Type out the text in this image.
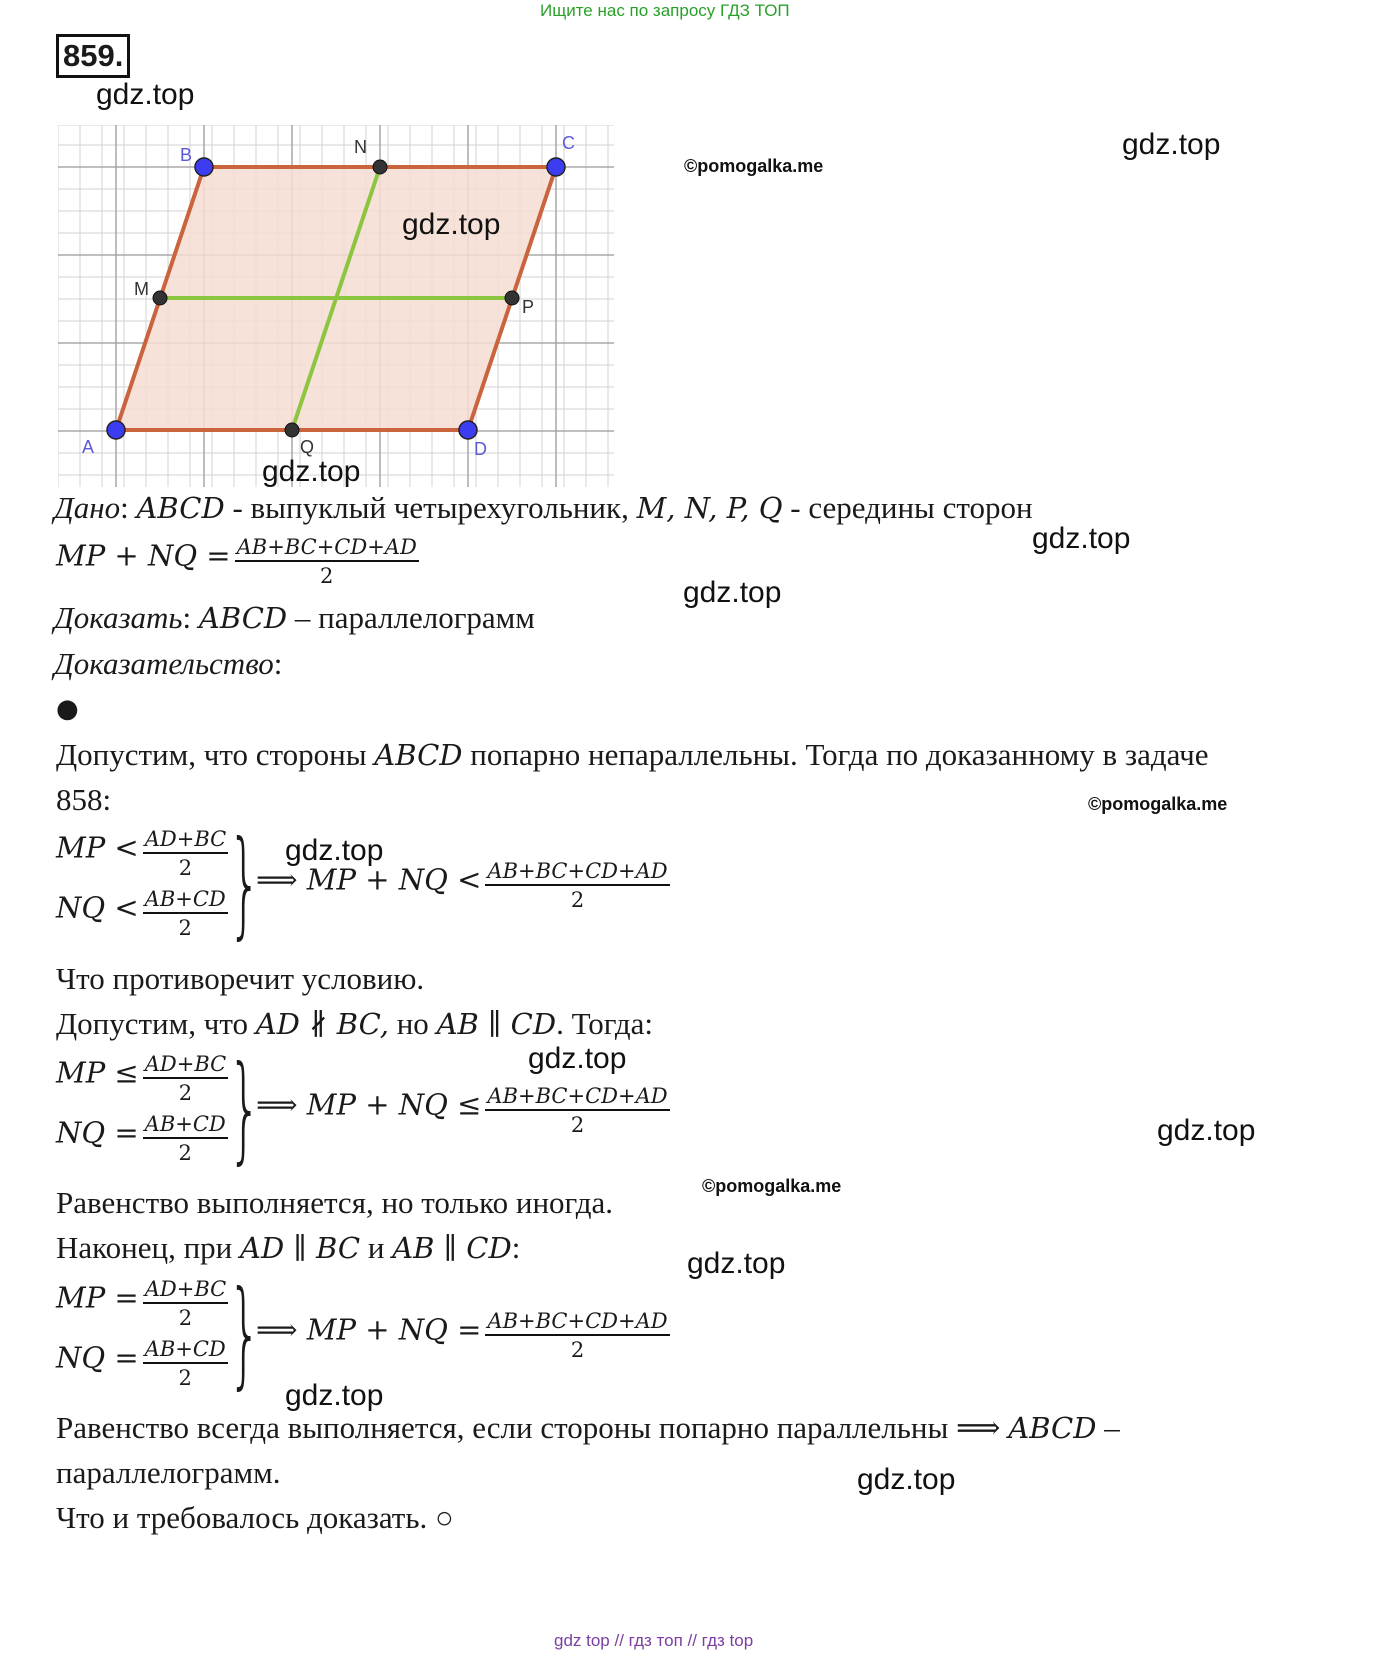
Ищите нас по запросу ГДЗ ТОП
859.
gdz.top
gdz.top
©pomogalka.me
A
B
C
D
M
N
P
Q
gdz.top
gdz.top
Дано: ABCD - выпуклый четырехугольник, M, N, P, Q - середины сторон
MP + NQ = $\frac{AB+BC+CD+AD}{2}$	gdz.top
gdz.top
Доказать: ABCD – параллелограмм
Доказательство:
●
Допустим, что стороны ABCD попарно непараллельны. Тогда по доказанному в задаче
858:	©pomogalka.me
MP < $\frac{AD+BC}{2}$
NQ < $\frac{AB+CD}{2}$ }
⟹ MP + NQ < $\frac{AB+BC+CD+AD}{2}$
gdz.top
Что противоречит условию.
Допустим, что AD ∦ BC, но AB ∥ CD. Тогда:
gdz.top
MP ≤ $\frac{AD+BC}{2}$
NQ = $\frac{AB+CD}{2}$ }
⟹ MP + NQ ≤ $\frac{AB+BC+CD+AD}{2}$	gdz.top
Равенство выполняется, но только иногда.	©pomogalka.me
Наконец, при AD ∥ BC и AB ∥ CD:	gdz.top
MP = $\frac{AD+BC}{2}$
NQ = $\frac{AB+CD}{2}$ }
⟹ MP + NQ = $\frac{AB+BC+CD+AD}{2}$
gdz.top
Равенство всегда выполняется, если стороны попарно параллельны ⟹ ABCD –
параллелограмм.	gdz.top
Что и требовалось доказать. ○
gdz top // гдз топ // гдз top
